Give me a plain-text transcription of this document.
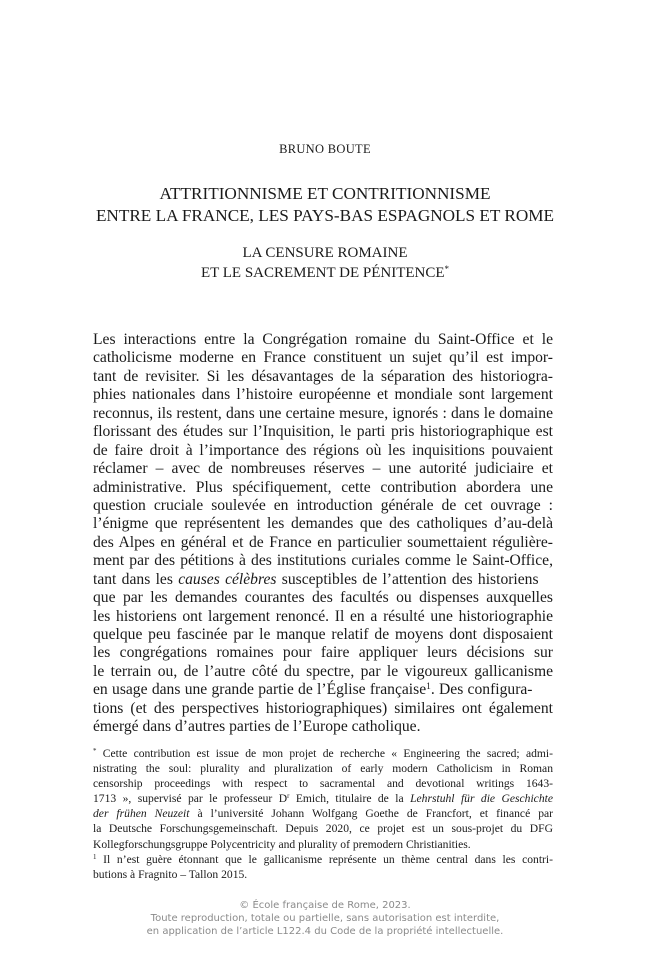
BRUNO BOUTE
ATTRITIONNISME ET CONTRITIONNISME
ENTRE LA FRANCE, LES PAYS-BAS ESPAGNOLS ET ROME
LA CENSURE ROMAINE
ET LE SACREMENT DE PÉNITENCE*
Les interactions entre la Congrégation romaine du Saint-Office et le
catholicisme moderne en France constituent un sujet qu’il est impor-
tant de revisiter. Si les désavantages de la séparation des historiogra-
phies nationales dans l’histoire européenne et mondiale sont largement
reconnus, ils restent, dans une certaine mesure, ignorés : dans le domaine
florissant des études sur l’Inquisition, le parti pris historiographique est
de faire droit à l’importance des régions où les inquisitions pouvaient
réclamer – avec de nombreuses réserves – une autorité judiciaire et
administrative. Plus spécifiquement, cette contribution abordera une
question cruciale soulevée en introduction générale de cet ouvrage :
l’énigme que représentent les demandes que des catholiques d’au-delà
des Alpes en général et de France en particulier soumettaient régulière-
ment par des pétitions à des institutions curiales comme le Saint-Office,
tant dans les causes célèbres susceptibles de l’attention des historiens
que par les demandes courantes des facultés ou dispenses auxquelles
les historiens ont largement renoncé. Il en a résulté une historiographie
quelque peu fascinée par le manque relatif de moyens dont disposaient
les congrégations romaines pour faire appliquer leurs décisions sur
le terrain ou, de l’autre côté du spectre, par le vigoureux gallicanisme
en usage dans une grande partie de l’Église française$^1$. Des configura-
tions (et des perspectives historiographiques) similaires ont également
émergé dans d’autres parties de l’Europe catholique.
* Cette contribution est issue de mon projet de recherche « Engineering the sacred; admi-
nistrating the soul: plurality and pluralization of early modern Catholicism in Roman
censorship proceedings with respect to sacramental and devotional writings 1643-
1713 », supervisé par le professeur $D^r$ Emich, titulaire de la Lehrstuhl für die Geschichte
der frühen Neuzeit à l’université Johann Wolfgang Goethe de Francfort, et financé par
la Deutsche Forschungsgemeinschaft. Depuis 2020, ce projet est un sous-projet du DFG
Kollegforschungsgruppe Polycentricity and plurality of premodern Christianities.
$^1$ Il n’est guère étonnant que le gallicanisme représente un thème central dans les contri-
butions à Fragnito – Tallon 2015.
© École française de Rome, 2023.
Toute reproduction, totale ou partielle, sans autorisation est interdite,
en application de l’article L122.4 du Code de la propriété intellectuelle.
